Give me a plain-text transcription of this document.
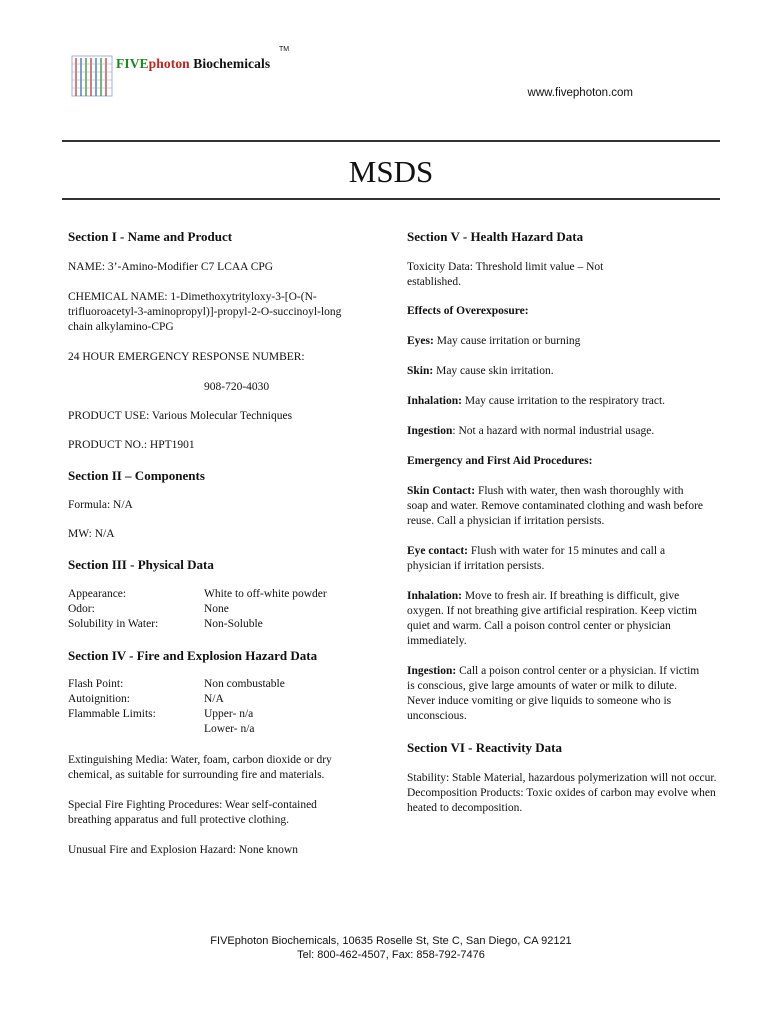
FIVEphoton Biochemicals
TM
www.fivephoton.com
MSDS

Section I - Name and Product

NAME: 3’-Amino-Modifier C7 LCAA CPG

CHEMICAL NAME: 1-Dimethoxytrityloxy-3-[O-(N-trifluoroacetyl-3-aminopropyl)]-propyl-2-O-succinoyl-long chain alkylamino-CPG

24 HOUR EMERGENCY RESPONSE NUMBER:

908-720-4030

PRODUCT USE: Various Molecular Techniques

PRODUCT NO.: HPT1901

Section II – Components

Formula: N/A

MW: N/A

Section III - Physical Data

Appearance:	White to off-white powder
Odor:	None
Solubility in Water:	Non-Soluble

Section IV - Fire and Explosion Hazard Data

Flash Point:	Non combustable
Autoignition:	N/A
Flammable Limits:	Upper- n/a
Lower- n/a

Extinguishing Media: Water, foam, carbon dioxide or dry chemical, as suitable for surrounding fire and materials.

Special Fire Fighting Procedures: Wear self-contained breathing apparatus and full protective clothing.

Unusual Fire and Explosion Hazard: None known

Section V - Health Hazard Data

Toxicity Data: Threshold limit value – Not established.

Effects of Overexposure:

Eyes: May cause irritation or burning

Skin: May cause skin irritation.

Inhalation: May cause irritation to the respiratory tract.

Ingestion: Not a hazard with normal industrial usage.

Emergency and First Aid Procedures:

Skin Contact: Flush with water, then wash thoroughly with soap and water. Remove contaminated clothing and wash before reuse. Call a physician if irritation persists.

Eye contact: Flush with water for 15 minutes and call a physician if irritation persists.

Inhalation: Move to fresh air. If breathing is difficult, give oxygen. If not breathing give artificial respiration. Keep victim quiet and warm. Call a poison control center or physician immediately.

Ingestion: Call a poison control center or a physician. If victim is conscious, give large amounts of water or milk to dilute. Never induce vomiting or give liquids to someone who is unconscious.

Section VI - Reactivity Data

Stability: Stable Material, hazardous polymerization will not occur. Decomposition Products: Toxic oxides of carbon may evolve when heated to decomposition.

FIVEphoton Biochemicals, 10635 Roselle St, Ste C, San Diego, CA 92121
Tel: 800-462-4507, Fax: 858-792-7476
